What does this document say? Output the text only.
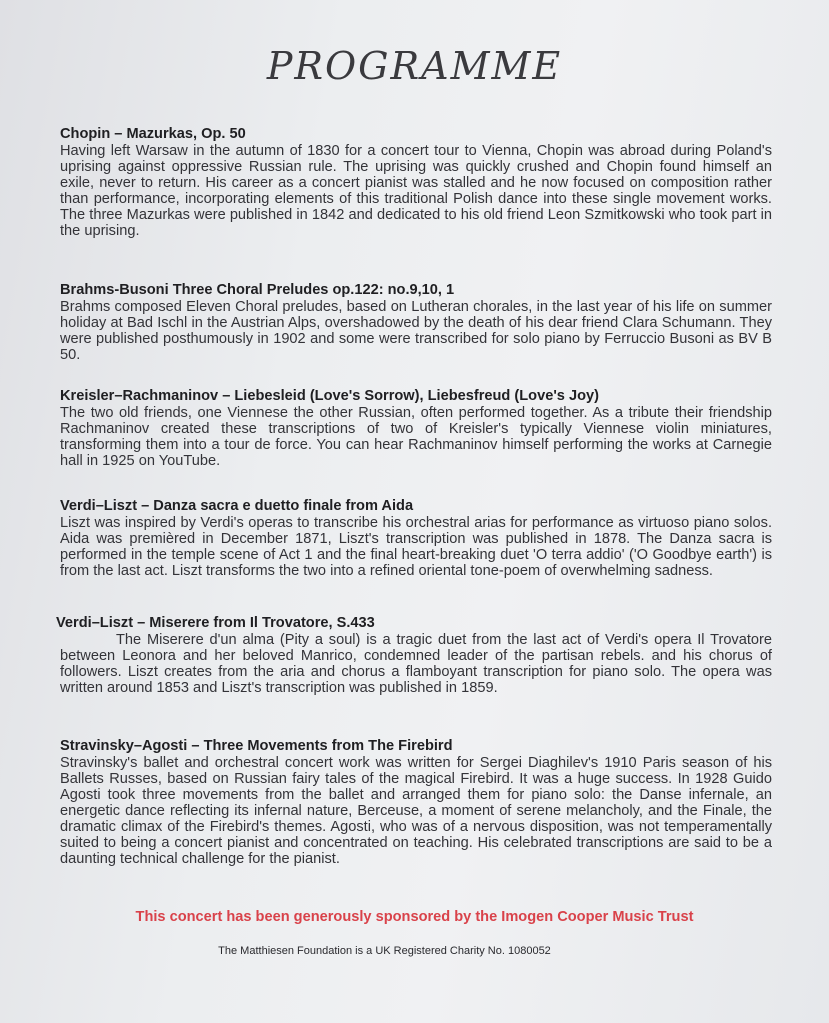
PROGRAMME

Chopin – Mazurkas, Op. 50

Having left Warsaw in the autumn of 1830 for a concert tour to Vienna, Chopin was abroad during Poland's uprising against oppressive Russian rule. The uprising was quickly crushed and Chopin found himself an exile, never to return. His career as a concert pianist was stalled and he now focused on composition rather than performance, incorporating elements of this traditional Polish dance into these single movement works. The three Mazurkas were published in 1842 and dedicated to his old friend Leon Szmitkowski who took part in the uprising.

Brahms-Busoni Three Choral Preludes op.122: no.9,10, 1

Brahms composed Eleven Choral preludes, based on Lutheran chorales, in the last year of his life on summer holiday at Bad Ischl in the Austrian Alps, overshadowed by the death of his dear friend Clara Schumann. They were published posthumously in 1902 and some were transcribed for solo piano by Ferruccio Busoni as BV B 50.

Kreisler–Rachmaninov – Liebesleid (Love's Sorrow), Liebesfreud (Love's Joy)

The two old friends, one Viennese the other Russian, often performed together. As a tribute their friendship Rachmaninov created these transcriptions of two of Kreisler's typically Viennese violin miniatures, transforming them into a tour de force. You can hear Rachmaninov himself performing the works at Carnegie hall in 1925 on YouTube.

Verdi–Liszt – Danza sacra e duetto finale from Aida

Liszt was inspired by Verdi's operas to transcribe his orchestral arias for performance as virtuoso piano solos. Aida was premièred in December 1871, Liszt's transcription was published in 1878. The Danza sacra is performed in the temple scene of Act 1 and the final heart-breaking duet 'O terra addio' ('O Goodbye earth') is from the last act. Liszt transforms the two into a refined oriental tone-poem of overwhelming sadness.

Verdi–Liszt – Miserere from Il Trovatore, S.433

The Miserere d'un alma (Pity a soul) is a tragic duet from the last act of Verdi's opera Il Trovatore between Leonora and her beloved Manrico, condemned leader of the partisan rebels. and his chorus of followers. Liszt creates from the aria and chorus a flamboyant transcription for piano solo. The opera was written around 1853 and Liszt's transcription was published in 1859.

Stravinsky–Agosti – Three Movements from The Firebird

Stravinsky's ballet and orchestral concert work was written for Sergei Diaghilev's 1910 Paris season of his Ballets Russes, based on Russian fairy tales of the magical Firebird. It was a huge success. In 1928 Guido Agosti took three movements from the ballet and arranged them for piano solo: the Danse infernale, an energetic dance reflecting its infernal nature, Berceuse, a moment of serene melancholy, and the Finale, the dramatic climax of the Firebird's themes. Agosti, who was of a nervous disposition, was not temperamentally suited to being a concert pianist and concentrated on teaching. His celebrated transcriptions are said to be a daunting technical challenge for the pianist.

This concert has been generously sponsored by the Imogen Cooper Music Trust

The Matthiesen Foundation is a UK Registered Charity No. 1080052
